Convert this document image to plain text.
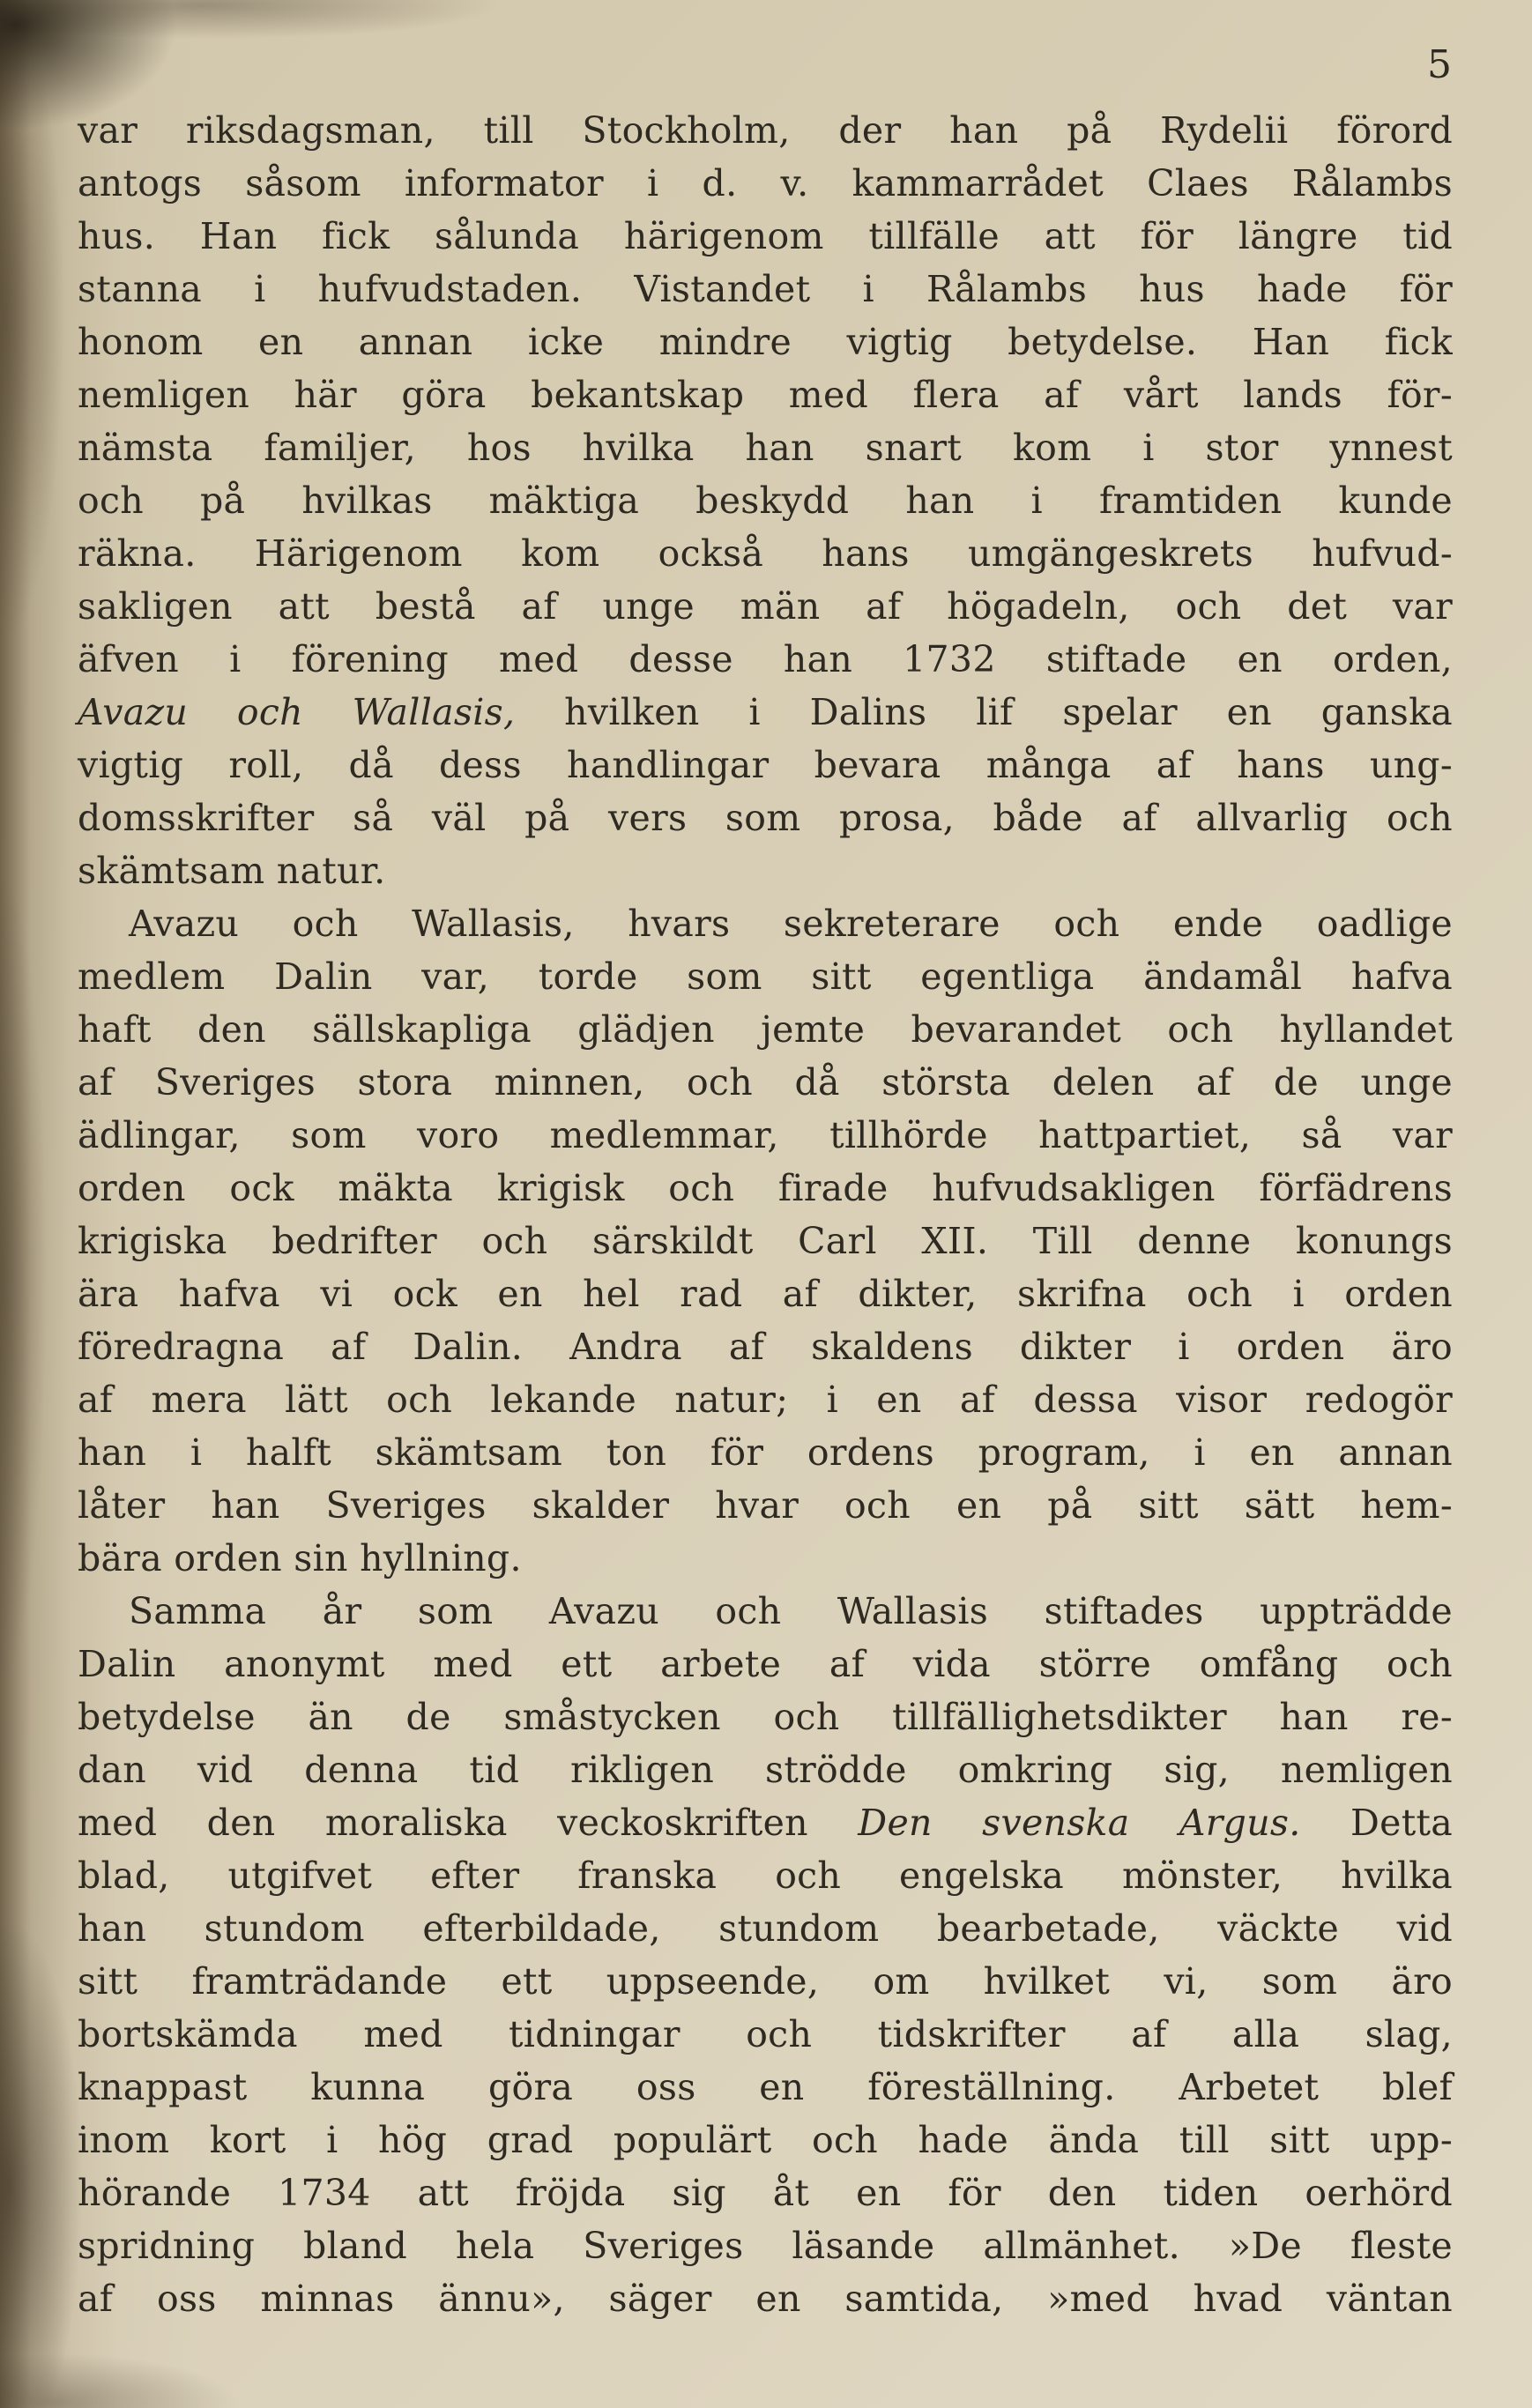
5
var riksdagsman, till Stockholm, der han på Rydelii förord
antogs såsom informator i d. v. kammarrådet Claes Rålambs
hus. Han fick sålunda härigenom tillfälle att för längre tid
stanna i hufvudstaden. Vistandet i Rålambs hus hade för
honom en annan icke mindre vigtig betydelse. Han fick
nemligen här göra bekantskap med flera af vårt lands för-
nämsta familjer, hos hvilka han snart kom i stor ynnest
och på hvilkas mäktiga beskydd han i framtiden kunde
räkna. Härigenom kom också hans umgängeskrets hufvud-
sakligen att bestå af unge män af högadeln, och det var
äfven i förening med desse han 1732 stiftade en orden,
Avazu och Wallasis, hvilken i Dalins lif spelar en ganska
vigtig roll, då dess handlingar bevara många af hans ung-
domsskrifter så väl på vers som prosa, både af allvarlig och
skämtsam natur.
Avazu och Wallasis, hvars sekreterare och ende oadlige
medlem Dalin var, torde som sitt egentliga ändamål hafva
haft den sällskapliga glädjen jemte bevarandet och hyllandet
af Sveriges stora minnen, och då största delen af de unge
ädlingar, som voro medlemmar, tillhörde hattpartiet, så var
orden ock mäkta krigisk och firade hufvudsakligen förfädrens
krigiska bedrifter och särskildt Carl XII. Till denne konungs
ära hafva vi ock en hel rad af dikter, skrifna och i orden
föredragna af Dalin. Andra af skaldens dikter i orden äro
af mera lätt och lekande natur; i en af dessa visor redogör
han i halft skämtsam ton för ordens program, i en annan
låter han Sveriges skalder hvar och en på sitt sätt hem-
bära orden sin hyllning.
Samma år som Avazu och Wallasis stiftades uppträdde
Dalin anonymt med ett arbete af vida större omfång och
betydelse än de småstycken och tillfällighetsdikter han re-
dan vid denna tid rikligen strödde omkring sig, nemligen
med den moraliska veckoskriften Den svenska Argus. Detta
blad, utgifvet efter franska och engelska mönster, hvilka
han stundom efterbildade, stundom bearbetade, väckte vid
sitt framträdande ett uppseende, om hvilket vi, som äro
bortskämda med tidningar och tidskrifter af alla slag,
knappast kunna göra oss en föreställning. Arbetet blef
inom kort i hög grad populärt och hade ända till sitt upp-
hörande 1734 att fröjda sig åt en för den tiden oerhörd
spridning bland hela Sveriges läsande allmänhet. »De fleste
af oss minnas ännu», säger en samtida, »med hvad väntan
